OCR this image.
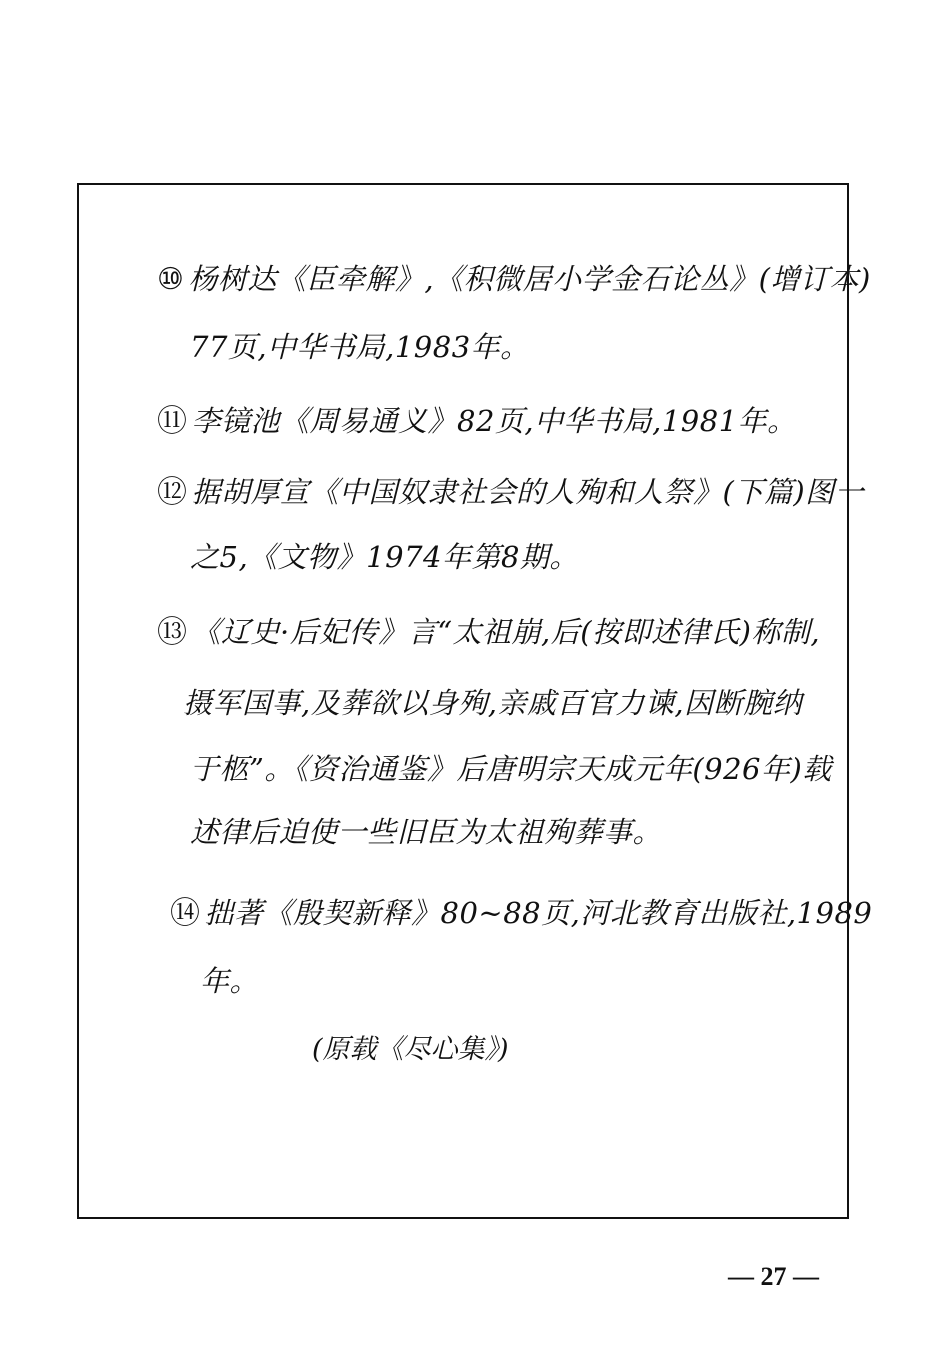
⑩ 杨树达《臣牵解》,《积微居小学金石论丛》(增订本)
77页,中华书局,1983年。
⑪ 李镜池《周易通义》82页,中华书局,1981年。
⑫ 据胡厚宣《中国奴隶社会的人殉和人祭》(下篇)图一
之5,《文物》1974年第8期。
⑬ 《辽史·后妃传》言“太祖崩,后(按即述律氏)称制,
摄军国事,及葬欲以身殉,亲戚百官力谏,因断腕纳
于柩”。《资治通鉴》后唐明宗天成元年(926年)载
述律后迫使一些旧臣为太祖殉葬事。
⑭ 拙著《殷契新释》80~88页,河北教育出版社,1989
年。
(原载《尽心集》)
— 27 —
